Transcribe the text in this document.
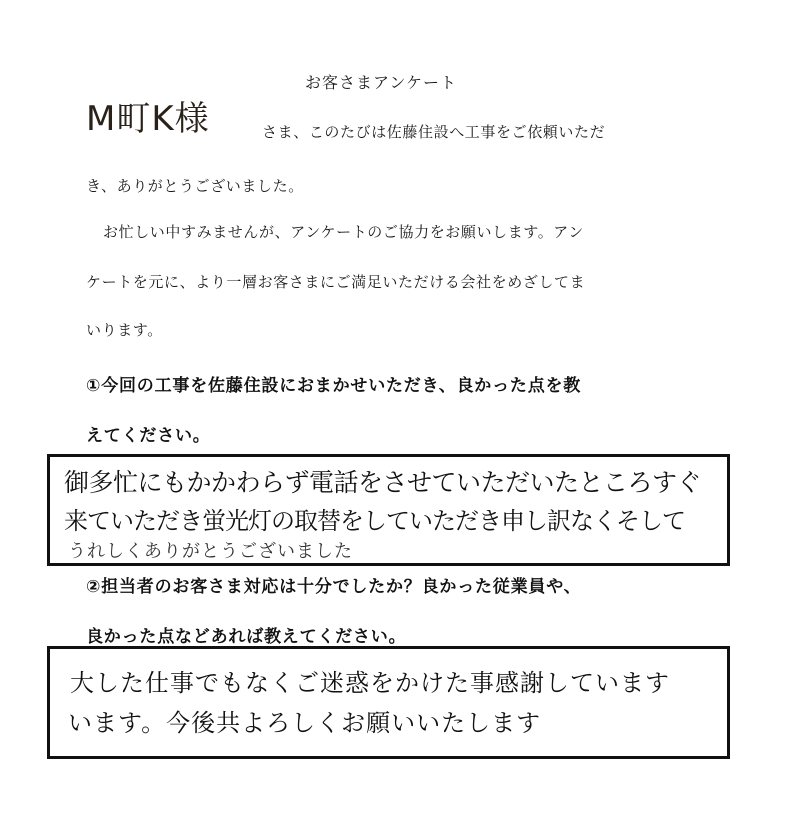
お客さまアンケート
M町K様	さま、このたびは佐藤住設へ工事をご依頼いただ
き、ありがとうございました。
お忙しい中すみませんが、アンケートのご協力をお願いします。アン
ケートを元に、より一層お客さまにご満足いただける会社をめざしてま
いります。
①今回の工事を佐藤住設におまかせいただき、良かった点を教
えてください。
御多忙にもかかわらず電話をさせていただいたところすぐ
来ていただき蛍光灯の取替をしていただき申し訳なくそして
うれしくありがとうございました
②担当者のお客さま対応は十分でしたか？良かった従業員や、
良かった点などあれば教えてください。
大した仕事でもなくご迷惑をかけた事感謝しています
います。今後共よろしくお願いいたします
